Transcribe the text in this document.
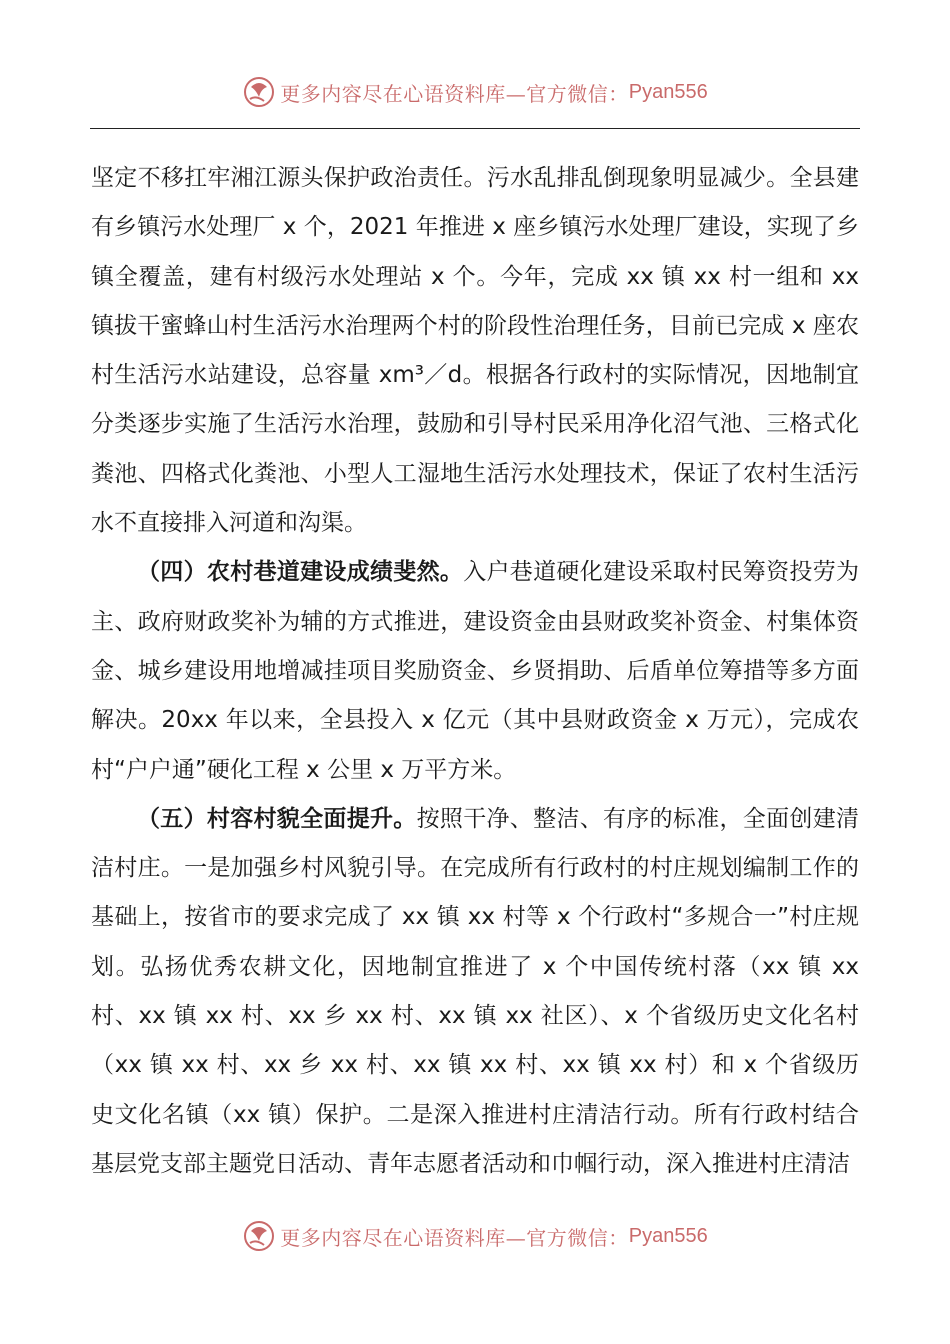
更多内容尽在心语资料库—官方微信： Pyan556

坚定不移扛牢湘江源头保护政治责任。污水乱排乱倒现象明显减少。全县建有乡镇污水处理厂 x 个，2021 年推进 x 座乡镇污水处理厂建设，实现了乡镇全覆盖，建有村级污水处理站 x 个。今年，完成 xx 镇 xx 村一组和 xx 镇拔干蜜蜂山村生活污水治理两个村的阶段性治理任务，目前已完成 x 座农村生活污水站建设，总容量 xm³／d。根据各行政村的实际情况，因地制宜分类逐步实施了生活污水治理，鼓励和引导村民采用净化沼气池、三格式化粪池、四格式化粪池、小型人工湿地生活污水处理技术，保证了农村生活污水不直接排入河道和沟渠。

（四）农村巷道建设成绩斐然。入户巷道硬化建设采取村民筹资投劳为主、政府财政奖补为辅的方式推进，建设资金由县财政奖补资金、村集体资金、城乡建设用地增减挂项目奖励资金、乡贤捐助、后盾单位筹措等多方面解决。20xx 年以来，全县投入 x 亿元（其中县财政资金 x 万元），完成农村“户户通”硬化工程 x 公里 x 万平方米。

（五）村容村貌全面提升。按照干净、整洁、有序的标准，全面创建清洁村庄。一是加强乡村风貌引导。在完成所有行政村的村庄规划编制工作的基础上，按省市的要求完成了 xx 镇 xx 村等 x 个行政村“多规合一”村庄规划。弘扬优秀农耕文化，因地制宜推进了 x 个中国传统村落（xx 镇 xx 村、xx 镇 xx 村、xx 乡 xx 村、xx 镇 xx 社区）、x 个省级历史文化名村（xx 镇 xx 村、xx 乡 xx 村、xx 镇 xx 村、xx 镇 xx 村）和 x 个省级历史文化名镇（xx 镇）保护。二是深入推进村庄清洁行动。所有行政村结合基层党支部主题党日活动、青年志愿者活动和巾帼行动，深入推进村庄清洁

更多内容尽在心语资料库—官方微信： Pyan556
